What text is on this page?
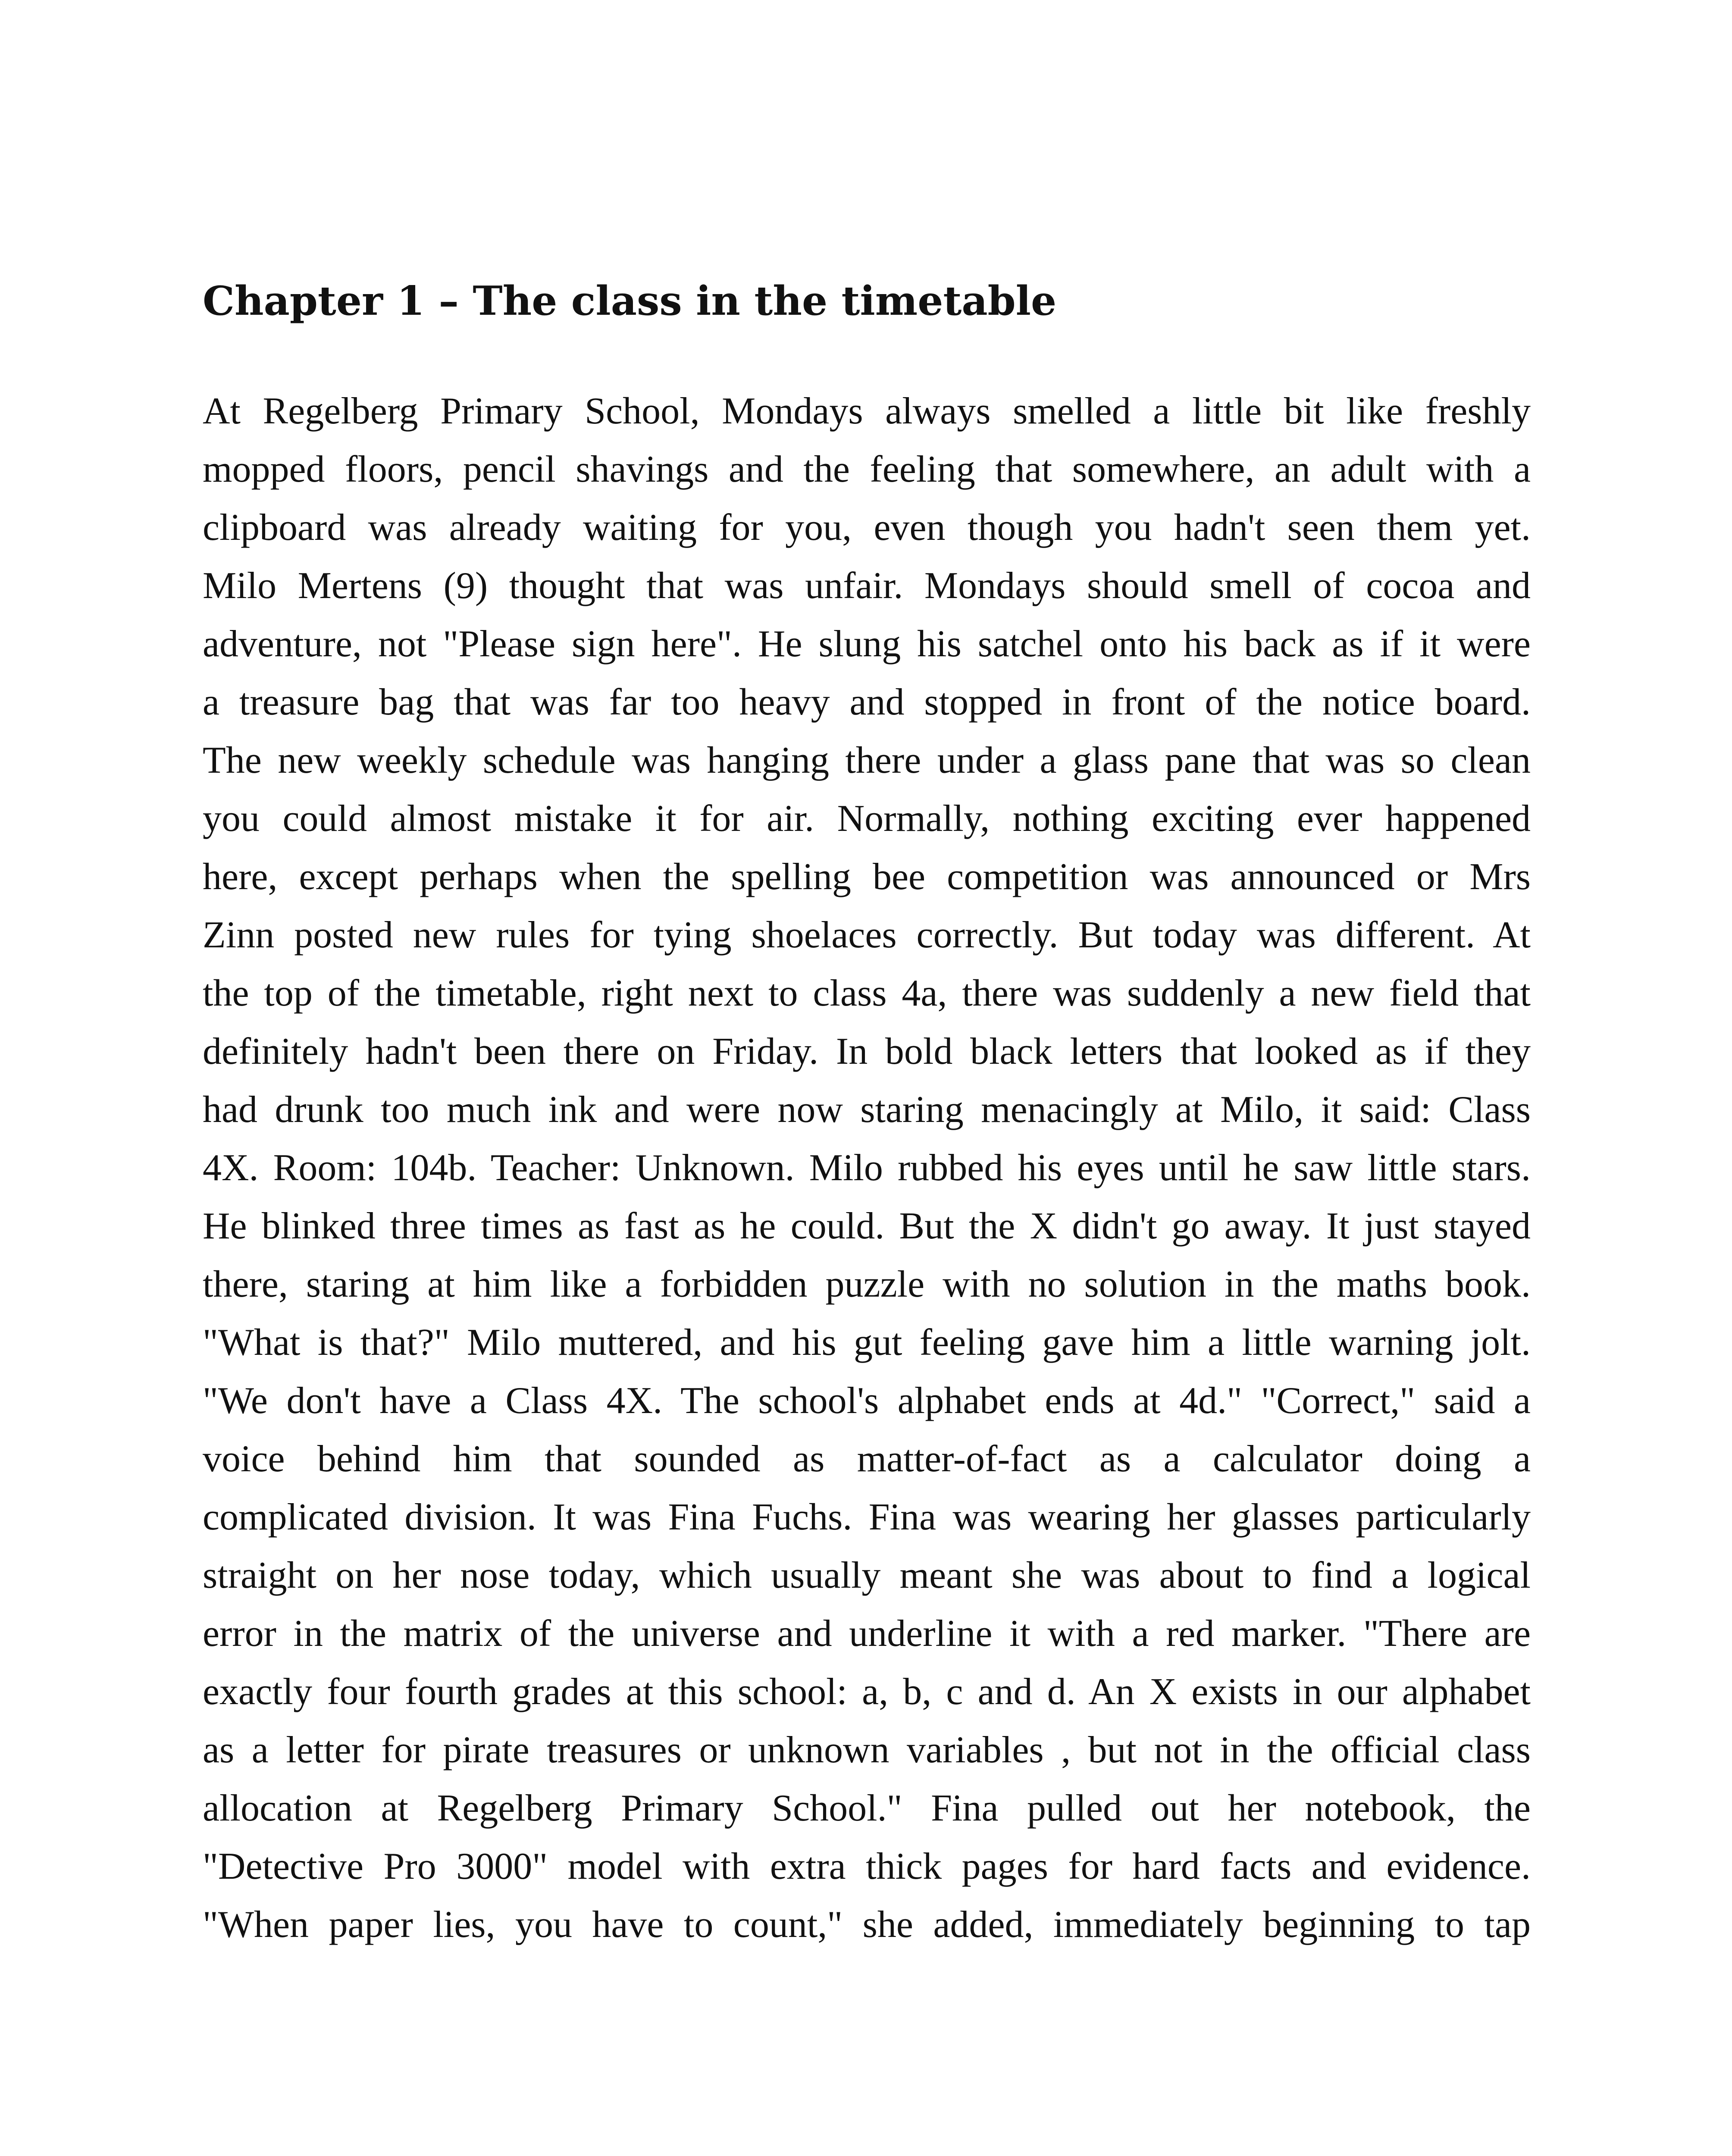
Chapter 1 – The class in the timetable
At Regelberg Primary School, Mondays always smelled a little bit like freshly
mopped floors, pencil shavings and the feeling that somewhere, an adult with a
clipboard was already waiting for you, even though you hadn't seen them yet.
Milo Mertens (9) thought that was unfair. Mondays should smell of cocoa and
adventure, not "Please sign here". He slung his satchel onto his back as if it were
a treasure bag that was far too heavy and stopped in front of the notice board.
The new weekly schedule was hanging there under a glass pane that was so clean
you could almost mistake it for air. Normally, nothing exciting ever happened
here, except perhaps when the spelling bee competition was announced or Mrs
Zinn posted new rules for tying shoelaces correctly. But today was different. At
the top of the timetable, right next to class 4a, there was suddenly a new field that
definitely hadn't been there on Friday. In bold black letters that looked as if they
had drunk too much ink and were now staring menacingly at Milo, it said: Class
4X. Room: 104b. Teacher: Unknown. Milo rubbed his eyes until he saw little stars.
He blinked three times as fast as he could. But the X didn't go away. It just stayed
there, staring at him like a forbidden puzzle with no solution in the maths book.
"What is that?" Milo muttered, and his gut feeling gave him a little warning jolt.
"We don't have a Class 4X. The school's alphabet ends at 4d." "Correct," said a
voice behind him that sounded as matter-of-fact as a calculator doing a
complicated division. It was Fina Fuchs. Fina was wearing her glasses particularly
straight on her nose today, which usually meant she was about to find a logical
error in the matrix of the universe and underline it with a red marker. "There are
exactly four fourth grades at this school: a, b, c and d. An X exists in our alphabet
as a letter for pirate treasures or unknown variables , but not in the official class
allocation at Regelberg Primary School." Fina pulled out her notebook, the
"Detective Pro 3000" model with extra thick pages for hard facts and evidence.
"When paper lies, you have to count," she added, immediately beginning to tap
